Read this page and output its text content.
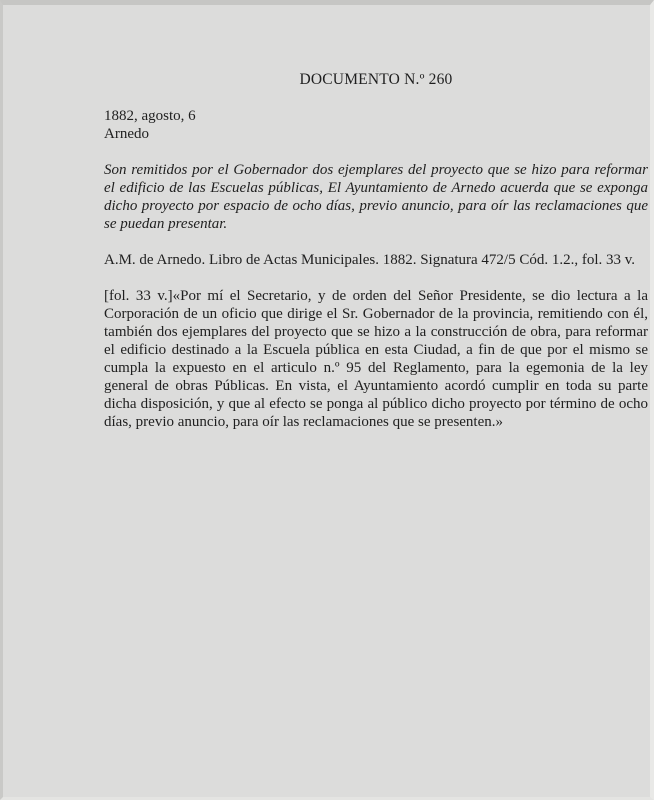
DOCUMENTO N.º 260
1882, agosto, 6
Arnedo

Son remitidos por el Gobernador dos ejemplares del proyecto que se hizo para reformar el edificio de las Escuelas públicas, El Ayuntamiento de Arnedo acuerda que se exponga dicho proyecto por espacio de ocho días, previo anuncio, para oír las reclamaciones que se puedan presentar.

A.M. de Arnedo. Libro de Actas Municipales. 1882. Signatura 472/5 Cód. 1.2., fol. 33 v.

[fol. 33 v.]«Por mí el Secretario, y de orden del Señor Presidente, se dio lectura a la Corporación de un oficio que dirige el Sr. Gobernador de la provincia, remitiendo con él, también dos ejemplares del proyecto que se hizo a la construcción de obra, para reformar el edificio destinado a la Escuela pública en esta Ciudad, a fin de que por el mismo se cumpla la expuesto en el articulo n.º 95 del Reglamento, para la egemonia de la ley general de obras Públicas. En vista, el Ayuntamiento acordó cumplir en toda su parte dicha disposición, y que al efecto se ponga al público dicho proyecto por término de ocho días, previo anuncio, para oír las reclamaciones que se presenten.»
